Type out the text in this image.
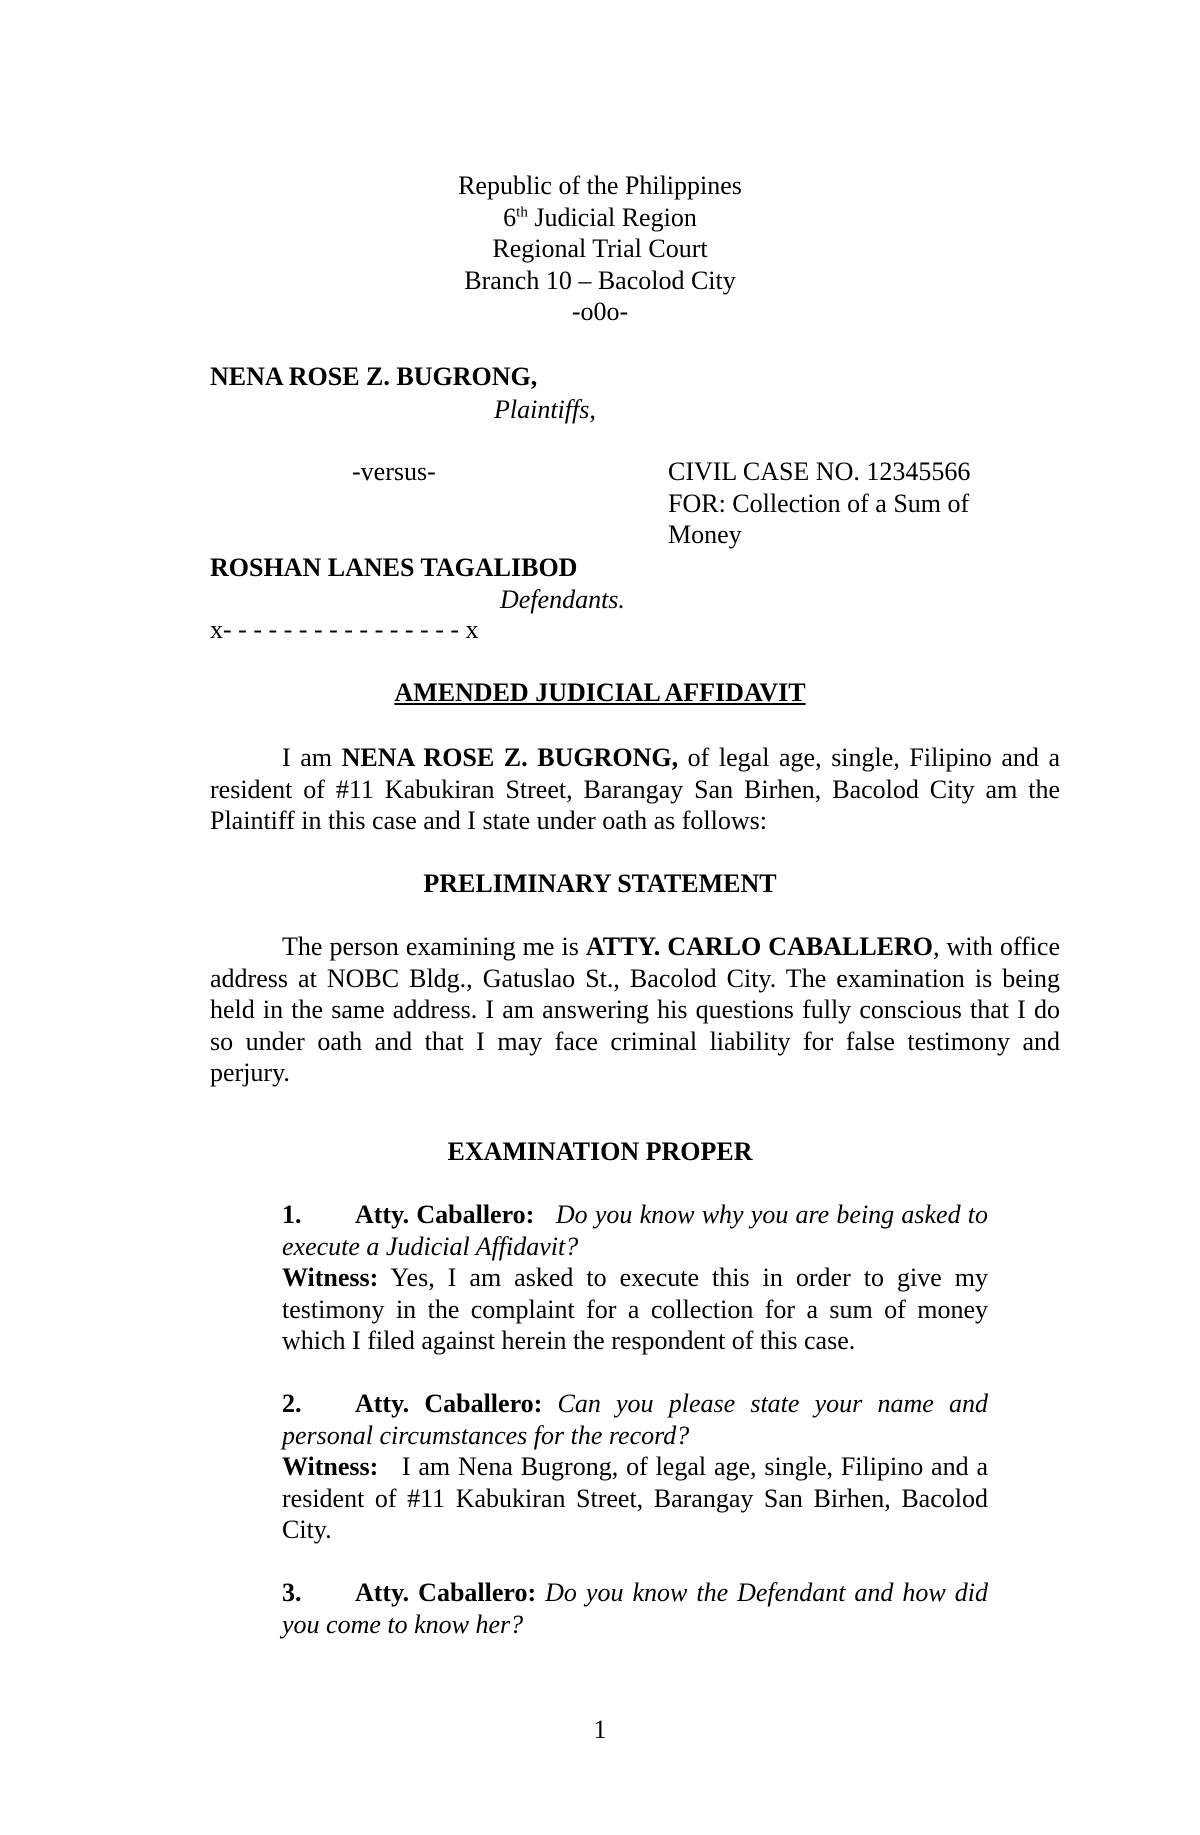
Republic of the Philippines
6th Judicial Region
Regional Trial Court
Branch 10 – Bacolod City
-o0o-
NENA ROSE Z. BUGRONG,
Plaintiffs,
-versus-	CIVIL CASE NO. 12345566
FOR: Collection of a Sum of Money
ROSHAN LANES TAGALIBOD
Defendants.
x- - - - - - - - - - - - - - - - x
AMENDED JUDICIAL AFFIDAVIT
I am NENA ROSE Z. BUGRONG, of legal age, single, Filipino and a resident of #11 Kabukiran Street, Barangay San Birhen, Bacolod City am the Plaintiff in this case and I state under oath as follows:
PRELIMINARY STATEMENT
The person examining me is ATTY. CARLO CABALLERO, with office address at NOBC Bldg., Gatuslao St., Bacolod City. The examination is being held in the same address. I am answering his questions fully conscious that I do so under oath and that I may face criminal liability for false testimony and perjury.
EXAMINATION PROPER
1. Atty. Caballero: Do you know why you are being asked to execute a Judicial Affidavit?
Witness: Yes, I am asked to execute this in order to give my testimony in the complaint for a collection for a sum of money which I filed against herein the respondent of this case.
2. Atty. Caballero: Can you please state your name and personal circumstances for the record?
Witness: I am Nena Bugrong, of legal age, single, Filipino and a resident of #11 Kabukiran Street, Barangay San Birhen, Bacolod City.
3. Atty. Caballero: Do you know the Defendant and how did you come to know her?
1
